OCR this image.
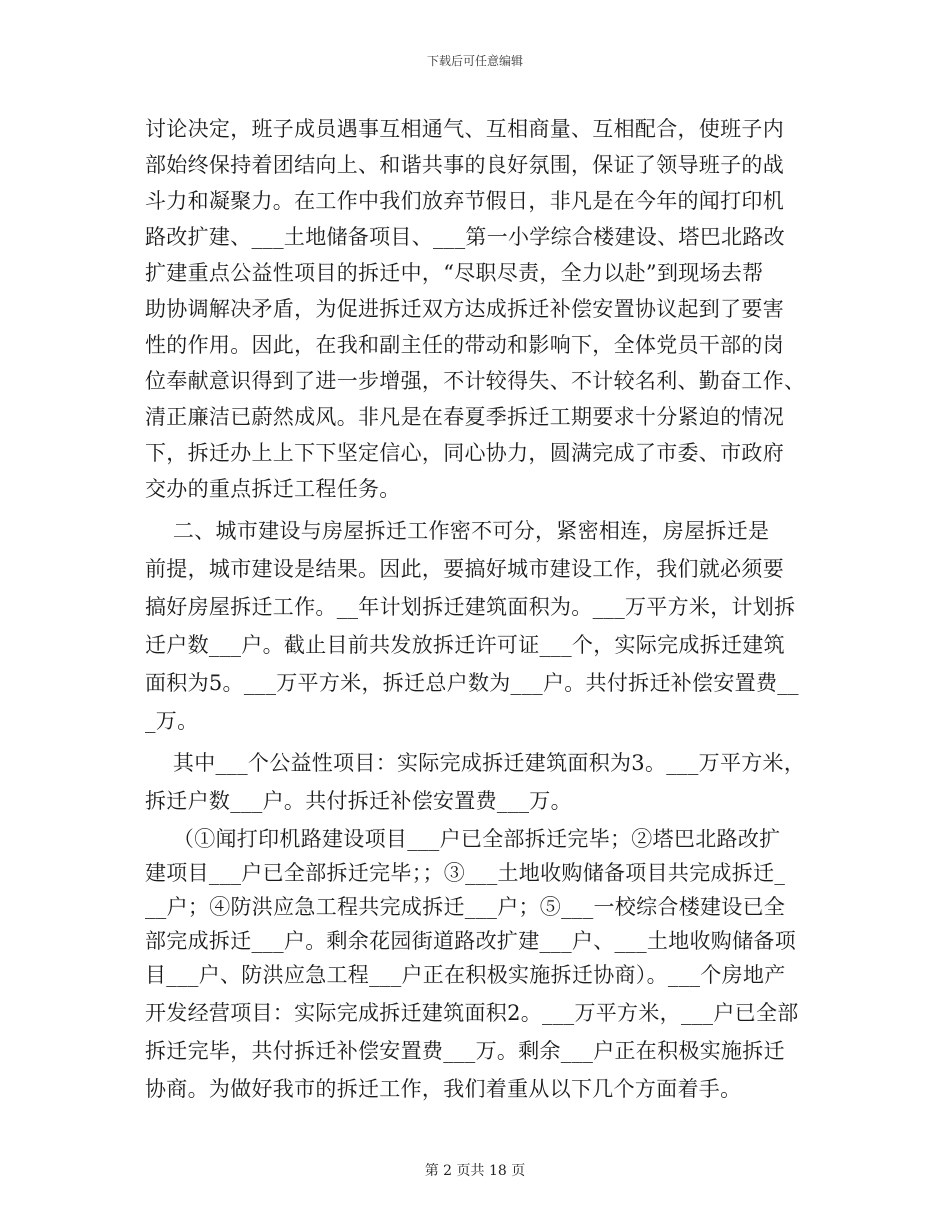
下载后可任意编辑
讨论决定，班子成员遇事互相通气、互相商量、互相配合，使班子内
部始终保持着团结向上、和谐共事的良好氛围，保证了领导班子的战
斗力和凝聚力。在工作中我们放弃节假日，非凡是在今年的闻打印机
路改扩建、___土地储备项目、___第一小学综合楼建设、塔巴北路改
扩建重点公益性项目的拆迁中，“尽职尽责，全力以赴”到现场去帮
助协调解决矛盾，为促进拆迁双方达成拆迁补偿安置协议起到了要害
性的作用。因此，在我和副主任的带动和影响下，全体党员干部的岗
位奉献意识得到了进一步增强，不计较得失、不计较名利、勤奋工作、
清正廉洁已蔚然成风。非凡是在春夏季拆迁工期要求十分紧迫的情况
下，拆迁办上上下下坚定信心，同心协力，圆满完成了市委、市政府
交办的重点拆迁工程任务。
二、城市建设与房屋拆迁工作密不可分，紧密相连，房屋拆迁是
前提，城市建设是结果。因此，要搞好城市建设工作，我们就必须要
搞好房屋拆迁工作。__年计划拆迁建筑面积为。___万平方米，计划拆
迁户数___户。截止目前共发放拆迁许可证___个，实际完成拆迁建筑
面积为5。___万平方米，拆迁总户数为___户。共付拆迁补偿安置费__
_万。
其中___个公益性项目：实际完成拆迁建筑面积为3。___万平方米，
拆迁户数___户。共付拆迁补偿安置费___万。
（①闻打印机路建设项目___户已全部拆迁完毕；②塔巴北路改扩
建项目___户已全部拆迁完毕；；③___土地收购储备项目共完成拆迁_
__户；④防洪应急工程共完成拆迁___户；⑤___一校综合楼建设已全
部完成拆迁___户。剩余花园街道路改扩建___户、___土地收购储备项
目___户、防洪应急工程___户正在积极实施拆迁协商）。___个房地产
开发经营项目：实际完成拆迁建筑面积2。___万平方米，___户已全部
拆迁完毕，共付拆迁补偿安置费___万。剩余___户正在积极实施拆迁
协商。为做好我市的拆迁工作，我们着重从以下几个方面着手。
第 2 页共 18 页
